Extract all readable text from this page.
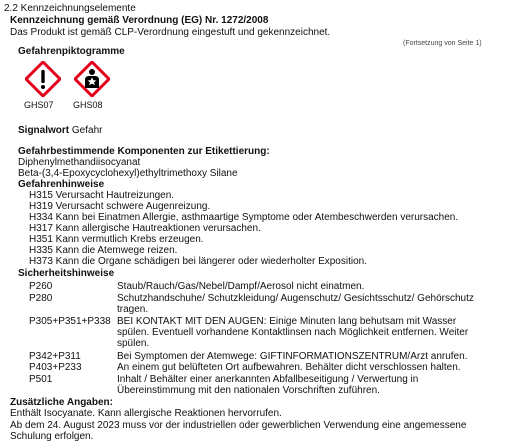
2.2 Kennzeichnungselemente
Kennzeichnung gemäß Verordnung (EG) Nr. 1272/2008
Das Produkt ist gemäß CLP-Verordnung eingestuft und gekennzeichnet.
(Fortsetzung von Seite 1)
Gefahrenpiktogramme
GHS07 GHS08
Signalwort Gefahr
Gefahrbestimmende Komponenten zur Etikettierung:
Diphenylmethandiisocyanat
Beta-(3,4-Epoxycyclohexyl)ethyltrimethoxy Silane
Gefahrenhinweise
H315 Verursacht Hautreizungen.
H319 Verursacht schwere Augenreizung.
H334 Kann bei Einatmen Allergie, asthmaartige Symptome oder Atembeschwerden verursachen.
H317 Kann allergische Hautreaktionen verursachen.
H351 Kann vermutlich Krebs erzeugen.
H335 Kann die Atemwege reizen.
H373 Kann die Organe schädigen bei längerer oder wiederholter Exposition.
Sicherheitshinweise
P260	Staub/Rauch/Gas/Nebel/Dampf/Aerosol nicht einatmen.
P280	Schutzhandschuhe/ Schutzkleidung/ Augenschutz/ Gesichtsschutz/ Gehörschutz
tragen.
P305+P351+P338 BEI KONTAKT MIT DEN AUGEN: Einige Minuten lang behutsam mit Wasser
spülen. Eventuell vorhandene Kontaktlinsen nach Möglichkeit entfernen. Weiter
spülen.
P342+P311	Bei Symptomen der Atemwege: GIFTINFORMATIONSZENTRUM/Arzt anrufen.
P403+P233	An einem gut belüfteten Ort aufbewahren. Behälter dicht verschlossen halten.
P501	Inhalt / Behälter einer anerkannten Abfallbeseitigung / Verwertung in
Übereinstimmung mit den nationalen Vorschriften zuführen.
Zusätzliche Angaben:
Enthält Isocyanate. Kann allergische Reaktionen hervorrufen.
Ab dem 24. August 2023 muss vor der industriellen oder gewerblichen Verwendung eine angemessene
Schulung erfolgen.
